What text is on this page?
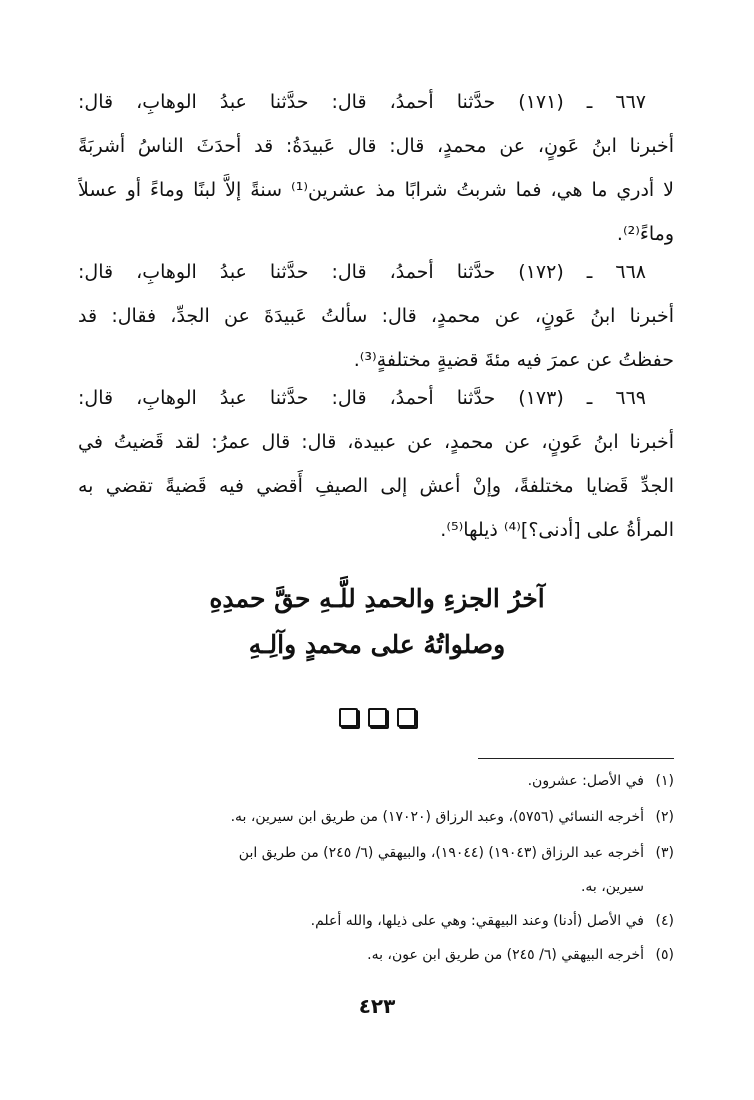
٦٦٧ ـ (١٧١) حدَّثنا أحمدُ، قال: حدَّثنا عبدُ الوهابِ، قال:
أخبرنا ابنُ عَونٍ، عن محمدٍ، قال: قال عَبيدَةُ: قد أحدَثَ الناسُ أشربَةً
لا أدري ما هي، فما شربتُ شرابًا مذ عشرين⁽¹⁾ سنةً إلاَّ لبنًا وماءً أو عسلاً
وماءً⁽²⁾.
٦٦٨ ـ (١٧٢) حدَّثنا أحمدُ، قال: حدَّثنا عبدُ الوهابِ، قال:
أخبرنا ابنُ عَونٍ، عن محمدٍ، قال: سألتُ عَبيدَةَ عن الجدِّ، فقال: قد
حفظتُ عن عمرَ فيه مئةَ قضيةٍ مختلفةٍ⁽³⁾.
٦٦٩ ـ (١٧٣) حدَّثنا أحمدُ، قال: حدَّثنا عبدُ الوهابِ، قال:
أخبرنا ابنُ عَونٍ، عن محمدٍ، عن عبيدة، قال: قال عمرُ: لقد قَضيتُ في
الجدِّ قَضايا مختلفةً، وإنْ أعش إلى الصيفِ أَقضي فيه قَضيةً تقضي به
المرأةُ على [أدنى؟]⁽⁴⁾ ذيلها⁽⁵⁾.
آخرُ الجزءِ والحمدِ للَّـهِ حقَّ حمدِهِ
وصلواتُهُ على محمدٍ وآلِـهِ
(١)في الأصل: عشرون.
(٢)أخرجه النسائي (٥٧٥٦)، وعبد الرزاق (١٧٠٢٠) من طريق ابن سيرين، به.
(٣)أخرجه عبد الرزاق (١٩٠٤٣) (١٩٠٤٤)، والبيهقي (٦/ ٢٤٥) من طريق ابن
سيرين، به.
(٤)في الأصل (أدنا) وعند البيهقي: وهي على ذيلها، والله أعلم.
(٥)أخرجه البيهقي (٦/ ٢٤٥) من طريق ابن عون، به.
٤٢٣
